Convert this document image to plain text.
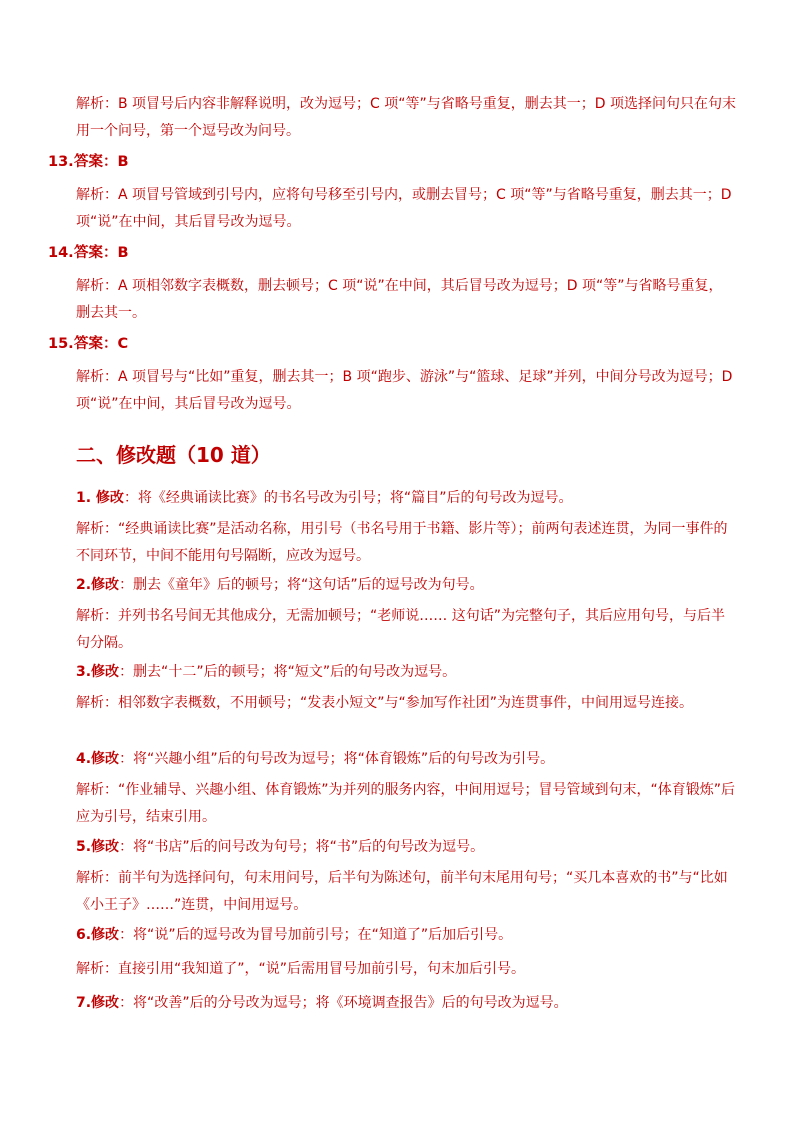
解析：B 项冒号后内容非解释说明，改为逗号；C 项“等”与省略号重复，删去其一；D 项选择问句只在句末用一个问号，第一个逗号改为问号。
13.答案：B
解析：A 项冒号管域到引号内，应将句号移至引号内，或删去冒号；C 项“等”与省略号重复，删去其一；D 项“说”在中间，其后冒号改为逗号。
14.答案：B
解析：A 项相邻数字表概数，删去顿号；C 项“说”在中间，其后冒号改为逗号；D 项“等”与省略号重复，删去其一。
15.答案：C
解析：A 项冒号与“比如”重复，删去其一；B 项“跑步、游泳”与“篮球、足球”并列，中间分号改为逗号；D 项“说”在中间，其后冒号改为逗号。
二、修改题（10 道）
1. 修改：将《经典诵读比赛》的书名号改为引号；将“篇目”后的句号改为逗号。
解析：“经典诵读比赛”是活动名称，用引号（书名号用于书籍、影片等）；前两句表述连贯，为同一事件的不同环节，中间不能用句号隔断，应改为逗号。
2.修改：删去《童年》后的顿号；将“这句话”后的逗号改为句号。
解析：并列书名号间无其他成分，无需加顿号；“老师说…… 这句话”为完整句子，其后应用句号，与后半句分隔。
3.修改：删去“十二”后的顿号；将“短文”后的句号改为逗号。
解析：相邻数字表概数，不用顿号；“发表小短文”与“参加写作社团”为连贯事件，中间用逗号连接。
4.修改：将“兴趣小组”后的句号改为逗号；将“体育锻炼”后的句号改为引号。
解析：“作业辅导、兴趣小组、体育锻炼”为并列的服务内容，中间用逗号；冒号管域到句末，“体育锻炼”后应为引号，结束引用。
5.修改：将“书店”后的问号改为句号；将“书”后的句号改为逗号。
解析：前半句为选择问句，句末用问号，后半句为陈述句，前半句末尾用句号；“买几本喜欢的书”与“比如《小王子》……”连贯，中间用逗号。
6.修改：将“说”后的逗号改为冒号加前引号；在“知道了”后加后引号。
解析：直接引用“我知道了”，“说”后需用冒号加前引号，句末加后引号。
7.修改：将“改善”后的分号改为逗号；将《环境调查报告》后的句号改为逗号。
